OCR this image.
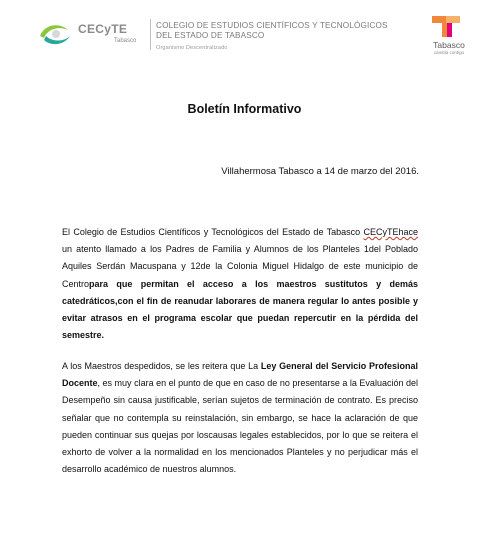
CECyTE
Tabasco
COLEGIO DE ESTUDIOS CIENTÍFICOS Y TECNOLÓGICOS
DEL ESTADO DE TABASCO
Organismo Descentralizado	Tabasco
cambia contigo
Boletín Informativo
Villahermosa Tabasco a 14 de marzo del 2016.
El Colegio de Estudios Científicos y Tecnológicos del Estado de Tabasco CECyTEhace un atento llamado a los Padres de Familia y Alumnos de los Planteles 1del Poblado Aquiles Serdán Macuspana y 12de la Colonia Miguel Hidalgo de este municipio de Centropara que permitan el acceso a los maestros sustitutos y demás catedráticos,con el fin de reanudar laborares de manera regular lo antes posible y evitar atrasos en el programa escolar que puedan repercutir en la pérdida del semestre.
A los Maestros despedidos, se les reitera que La Ley General del Servicio Profesional Docente, es muy clara en el punto de que en caso de no presentarse a la Evaluación del Desempeño sin causa justificable, serían sujetos de terminación de contrato. Es preciso señalar que no contempla su reinstalación, sin embargo, se hace la aclaración de que pueden continuar sus quejas por loscausas legales establecidos, por lo que se reitera el exhorto de volver a la normalidad en los mencionados Planteles y no perjudicar más el desarrollo académico de nuestros alumnos.
